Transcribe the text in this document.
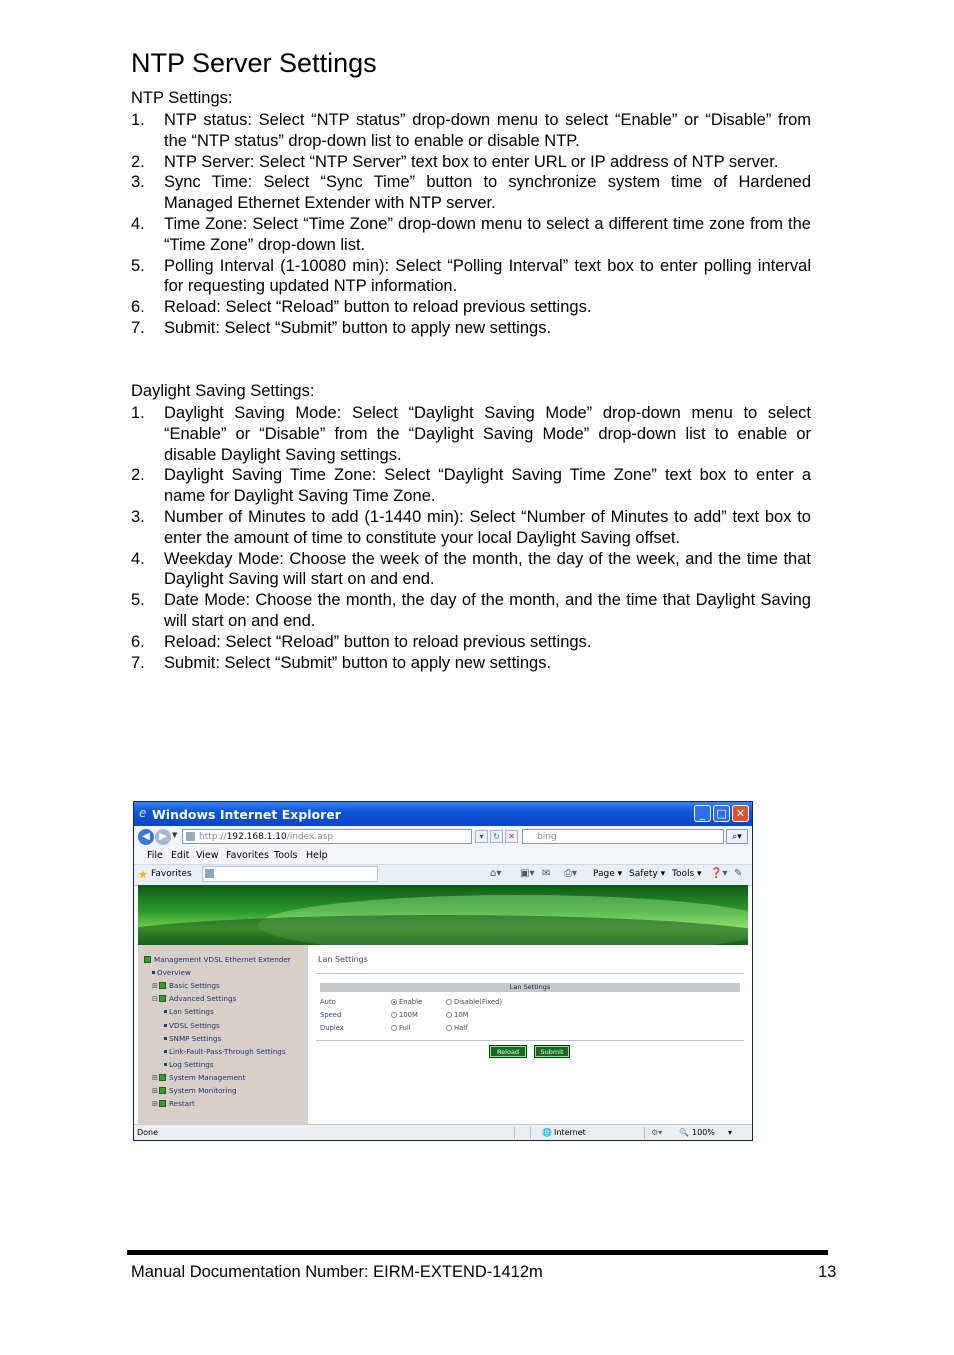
NTP Server Settings
NTP Settings:
1. NTP status: Select “NTP status” drop-down menu to select “Enable” or “Disable” from the “NTP status” drop-down list to enable or disable NTP.
2. NTP Server: Select “NTP Server” text box to enter URL or IP address of NTP server.
3. Sync Time: Select “Sync Time” button to synchronize system time of Hardened Managed Ethernet Extender with NTP server.
4. Time Zone: Select “Time Zone” drop-down menu to select a different time zone from the “Time Zone” drop-down list.
5. Polling Interval (1-10080 min): Select “Polling Interval” text box to enter polling interval for requesting updated NTP information.
6. Reload: Select “Reload” button to reload previous settings.
7. Submit: Select “Submit” button to apply new settings.
Daylight Saving Settings:
1. Daylight Saving Mode: Select “Daylight Saving Mode” drop-down menu to select “Enable” or “Disable” from the “Daylight Saving Mode” drop-down list to enable or disable Daylight Saving settings.
2. Daylight Saving Time Zone: Select “Daylight Saving Time Zone” text box to enter a name for Daylight Saving Time Zone.
3. Number of Minutes to add (1-1440 min): Select “Number of Minutes to add” text box to enter the amount of time to constitute your local Daylight Saving offset.
4. Weekday Mode: Choose the week of the month, the day of the week, and the time that Daylight Saving will start on and end.
5. Date Mode: Choose the month, the day of the month, and the time that Daylight Saving will start on and end.
6. Reload: Select “Reload” button to reload previous settings.
7. Submit: Select “Submit” button to apply new settings.
e Windows Internet Explorer	_	□ ✕
◀ ▶ ▼	http://192.168.1.10/index.asp	▾	↻	✕	bing	⌕▾
File Edit View Favorites Tools Help
★ Favorites	⌂▾ ▣▾ ✉ ⎙▾ Page ▾ Safety ▾ Tools ▾ ❓▾ ✎
Management VDSL Ethernet Extender
Overview
⊞ Basic Settings
⊟ Advanced Settings
Lan Settings
VDSL Settings
SNMP Settings
Link-Fault-Pass-Through Settings
Log Settings
⊞ System Management
⊞ System Monitoring
⊞ Restart
Lan Settings
Lan Settings
Auto	Enable	Disable(Fixed)
Speed	100M	10M
Duplex	Full	Half
Reload	Submit
Done	🌐 Internet	⚙▾ 🔍 100% ▾
Manual Documentation Number: EIRM-EXTEND-1412m	13
